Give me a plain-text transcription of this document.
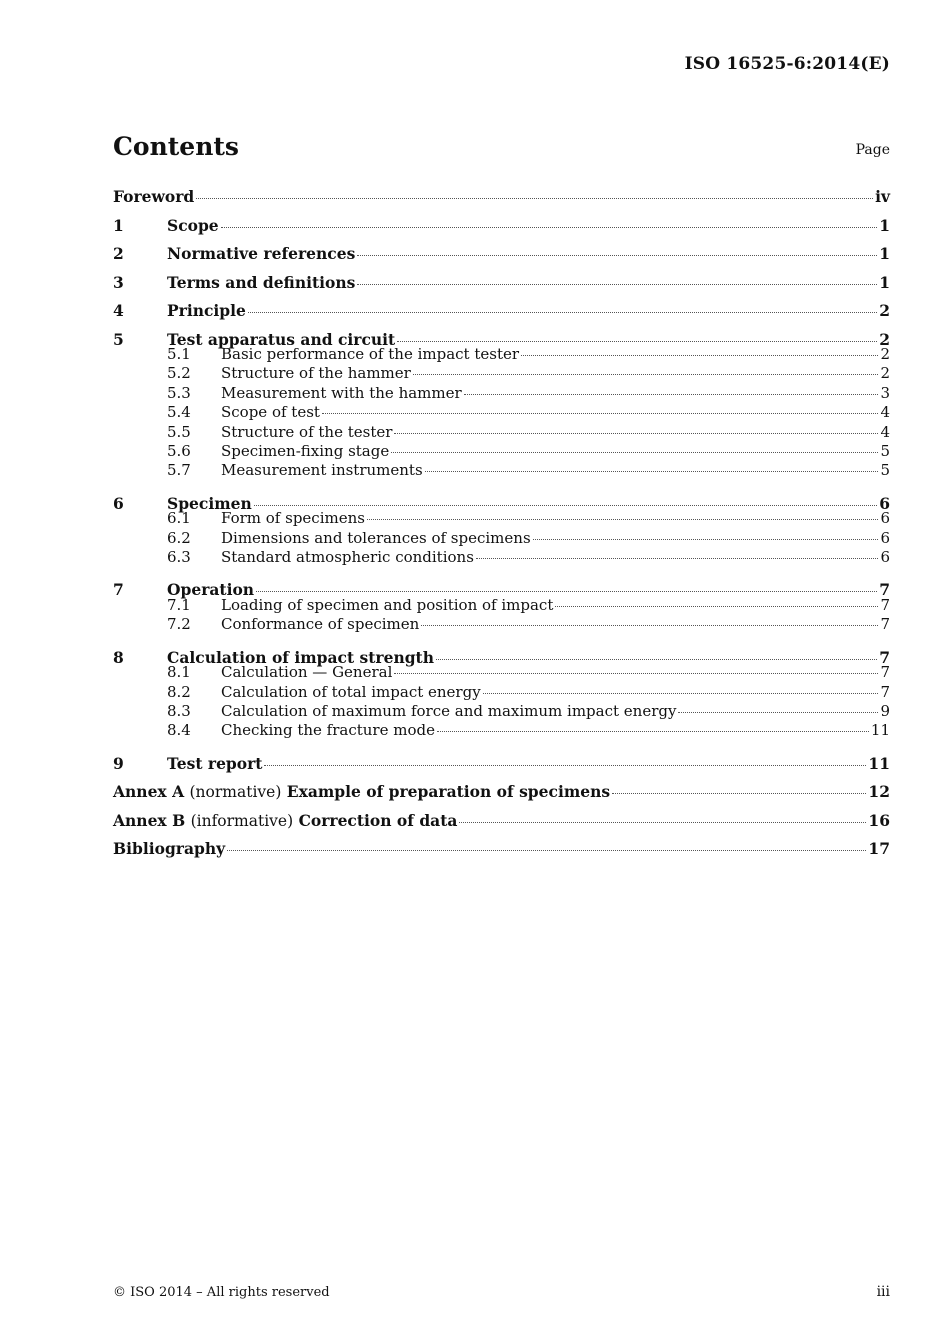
ISO 16525-6:2014(E)
Contents	Page
Foreword	iv
1	Scope	1
2	Normative references	1
3	Terms and definitions	1
4	Principle	2
5	Test apparatus and circuit	2
5.1	Basic performance of the impact tester	2
5.2	Structure of the hammer	2
5.3	Measurement with the hammer	3
5.4	Scope of test	4
5.5	Structure of the tester	4
5.6	Specimen-fixing stage	5
5.7	Measurement instruments	5
6	Specimen	6
6.1	Form of specimens	6
6.2	Dimensions and tolerances of specimens	6
6.3	Standard atmospheric conditions	6
7	Operation	7
7.1	Loading of specimen and position of impact	7
7.2	Conformance of specimen	7
8	Calculation of impact strength	7
8.1	Calculation — General	7
8.2	Calculation of total impact energy	7
8.3	Calculation of maximum force and maximum impact energy	9
8.4	Checking the fracture mode	11
9	Test report	11
Annex A (normative) Example of preparation of specimens	12
Annex B (informative) Correction of data	16
Bibliography	17
© ISO 2014 – All rights reserved	iii
